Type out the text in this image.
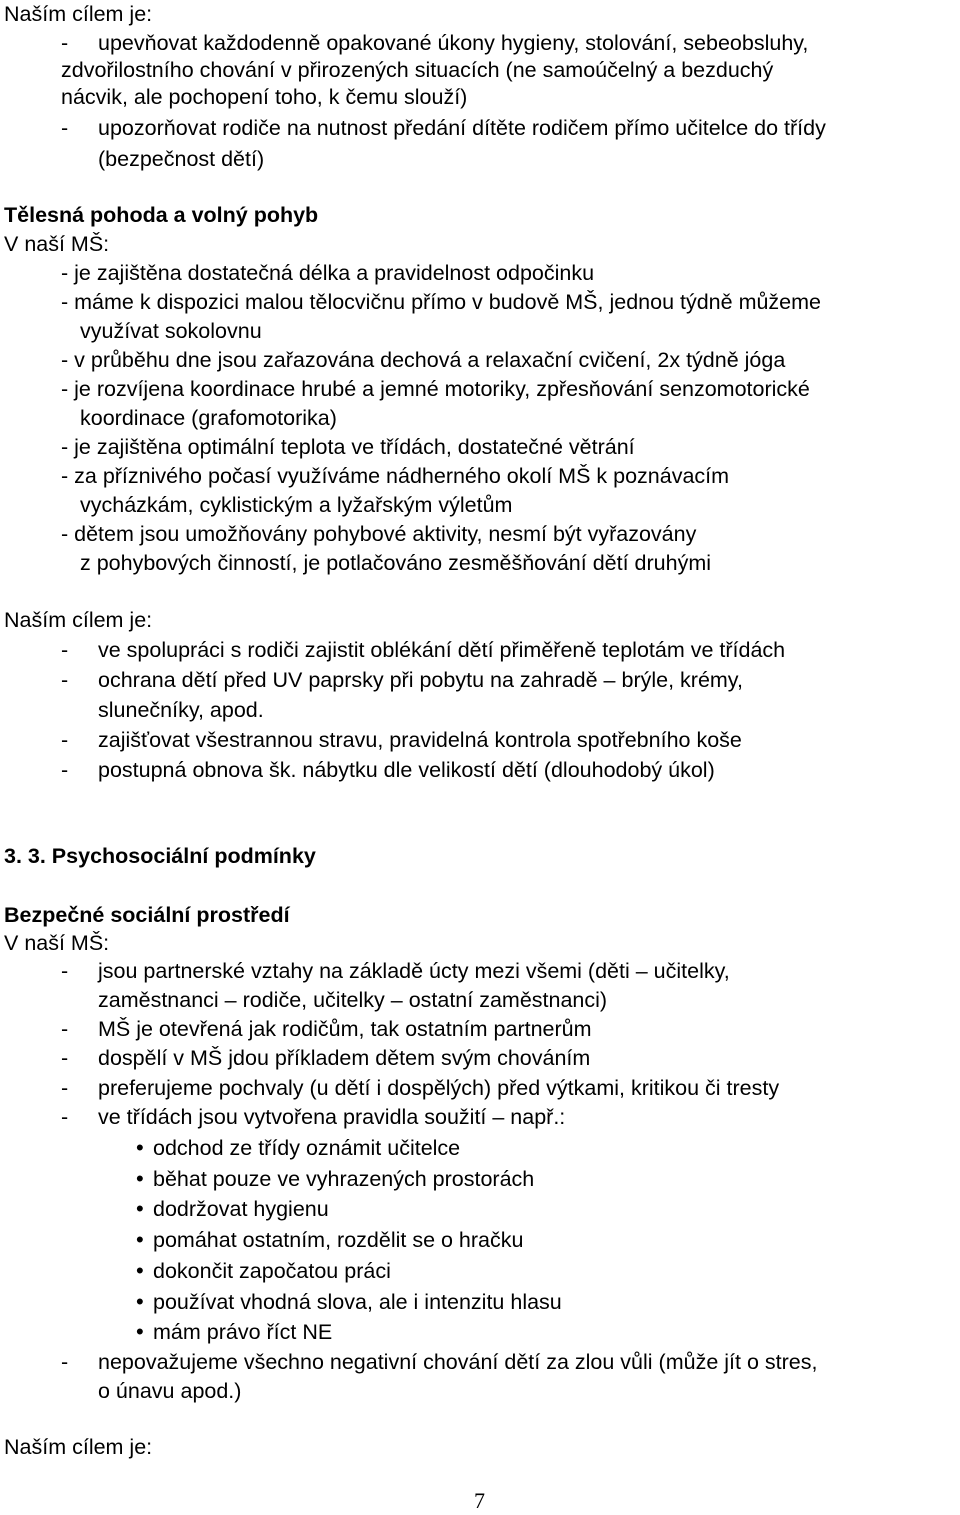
Naším cílem je:
- upevňovat každodenně opakované úkony hygieny, stolování, sebeobsluhy,
zdvořilostního chování v přirozených situacích (ne samoúčelný a bezduchý
nácvik, ale pochopení toho, k čemu slouží)
- upozorňovat rodiče na nutnost předání dítěte rodičem přímo učitelce do třídy
(bezpečnost dětí)
Tělesná pohoda a volný pohyb
V naší MŠ:
- je zajištěna dostatečná délka a pravidelnost odpočinku
- máme k dispozici malou tělocvičnu přímo v budově MŠ, jednou týdně můžeme
využívat sokolovnu
- v průběhu dne jsou zařazována dechová a relaxační cvičení, 2x týdně jóga
- je rozvíjena koordinace hrubé a jemné motoriky, zpřesňování senzomotorické
koordinace (grafomotorika)
- je zajištěna optimální teplota ve třídách, dostatečné větrání
- za příznivého počasí využíváme nádherného okolí MŠ k poznávacím
vycházkám, cyklistickým a lyžařským výletům
- dětem jsou umožňovány pohybové aktivity, nesmí být vyřazovány
z pohybových činností, je potlačováno zesměšňování dětí druhými
Naším cílem je:
- ve spolupráci s rodiči zajistit oblékání dětí přiměřeně teplotám ve třídách
- ochrana dětí před UV paprsky při pobytu na zahradě – brýle, krémy,
slunečníky, apod.
- zajišťovat všestrannou stravu, pravidelná kontrola spotřebního koše
- postupná obnova šk. nábytku dle velikostí dětí (dlouhodobý úkol)
3. 3. Psychosociální podmínky
Bezpečné sociální prostředí
V naší MŠ:
- jsou partnerské vztahy na základě úcty mezi všemi (děti – učitelky,
zaměstnanci – rodiče, učitelky – ostatní zaměstnanci)
- MŠ je otevřená jak rodičům, tak ostatním partnerům
- dospělí v MŠ jdou příkladem dětem svým chováním
- preferujeme pochvaly (u dětí i dospělých) před výtkami, kritikou či tresty
- ve třídách jsou vytvořena pravidla soužití – např.:
• odchod ze třídy oznámit učitelce
• běhat pouze ve vyhrazených prostorách
• dodržovat hygienu
• pomáhat ostatním, rozdělit se o hračku
• dokončit započatou práci
• používat vhodná slova, ale i intenzitu hlasu
• mám právo říct NE
- nepovažujeme všechno negativní chování dětí za zlou vůli (může jít o stres,
o únavu apod.)
Naším cílem je:
7
